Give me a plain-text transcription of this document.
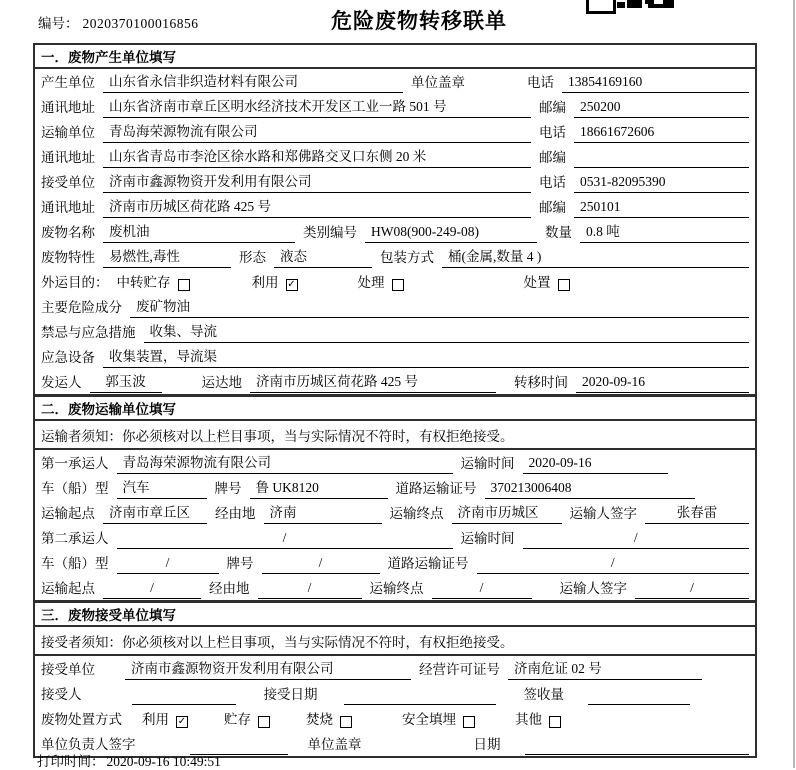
编号： 2020370100016856	危险废物转移联单
一．废物产生单位填写
产生单位	山东省永信非织造材料有限公司	单位盖章	电话	13854169160
通讯地址	山东省济南市章丘区明水经济技术开发区工业一路 501 号	邮编	250200
运输单位	青岛海荣源物流有限公司	电话	18661672606
通讯地址	山东省青岛市李沧区徐水路和郑佛路交叉口东侧 20 米	邮编
接受单位	济南市鑫源物资开发利用有限公司	电话	0531-82095390
通讯地址	济南市历城区荷花路 425 号	邮编	250101
废物名称	废机油	类别编号	HW08(900-249-08)	数量	0.8 吨
废物特性	易燃性,毒性	形态	液态	包装方式	桶(金属,数量 4 )
外运目的： 中转贮存	利用 ✓	处理	处置
主要危险成分	废矿物油
禁忌与应急措施	收集、导流
应急设备	收集装置，导流渠
发运人	郭玉波	运达地	济南市历城区荷花路 425 号	转移时间	2020-09-16
二．废物运输单位填写
运输者须知：你必须核对以上栏目事项，当与实际情况不符时，有权拒绝接受。
第一承运人	青岛海荣源物流有限公司	运输时间	2020-09-16
车（船）型	汽车	牌号	鲁 UK8120	道路运输证号	370213006408
运输起点	济南市章丘区	经由地	济南	运输终点	济南市历城区	运输人签字	张春雷
第二承运人	/	运输时间	/
车（船）型	/	牌号	/	道路运输证号	/
运输起点	/	经由地	/	运输终点	/	运输人签字	/
三．废物接受单位填写
接受者须知：你必须核对以上栏目事项，当与实际情况不符时，有权拒绝接受。
接受单位	济南市鑫源物资开发利用有限公司	经营许可证号	济南危证 02 号
接受人	接受日期	签收量
废物处置方式 利用 ✓	贮存	焚烧	安全填埋	其他
单位负责人签字	单位盖章	日期
打印时间： 2020-09-16 10:49:51
